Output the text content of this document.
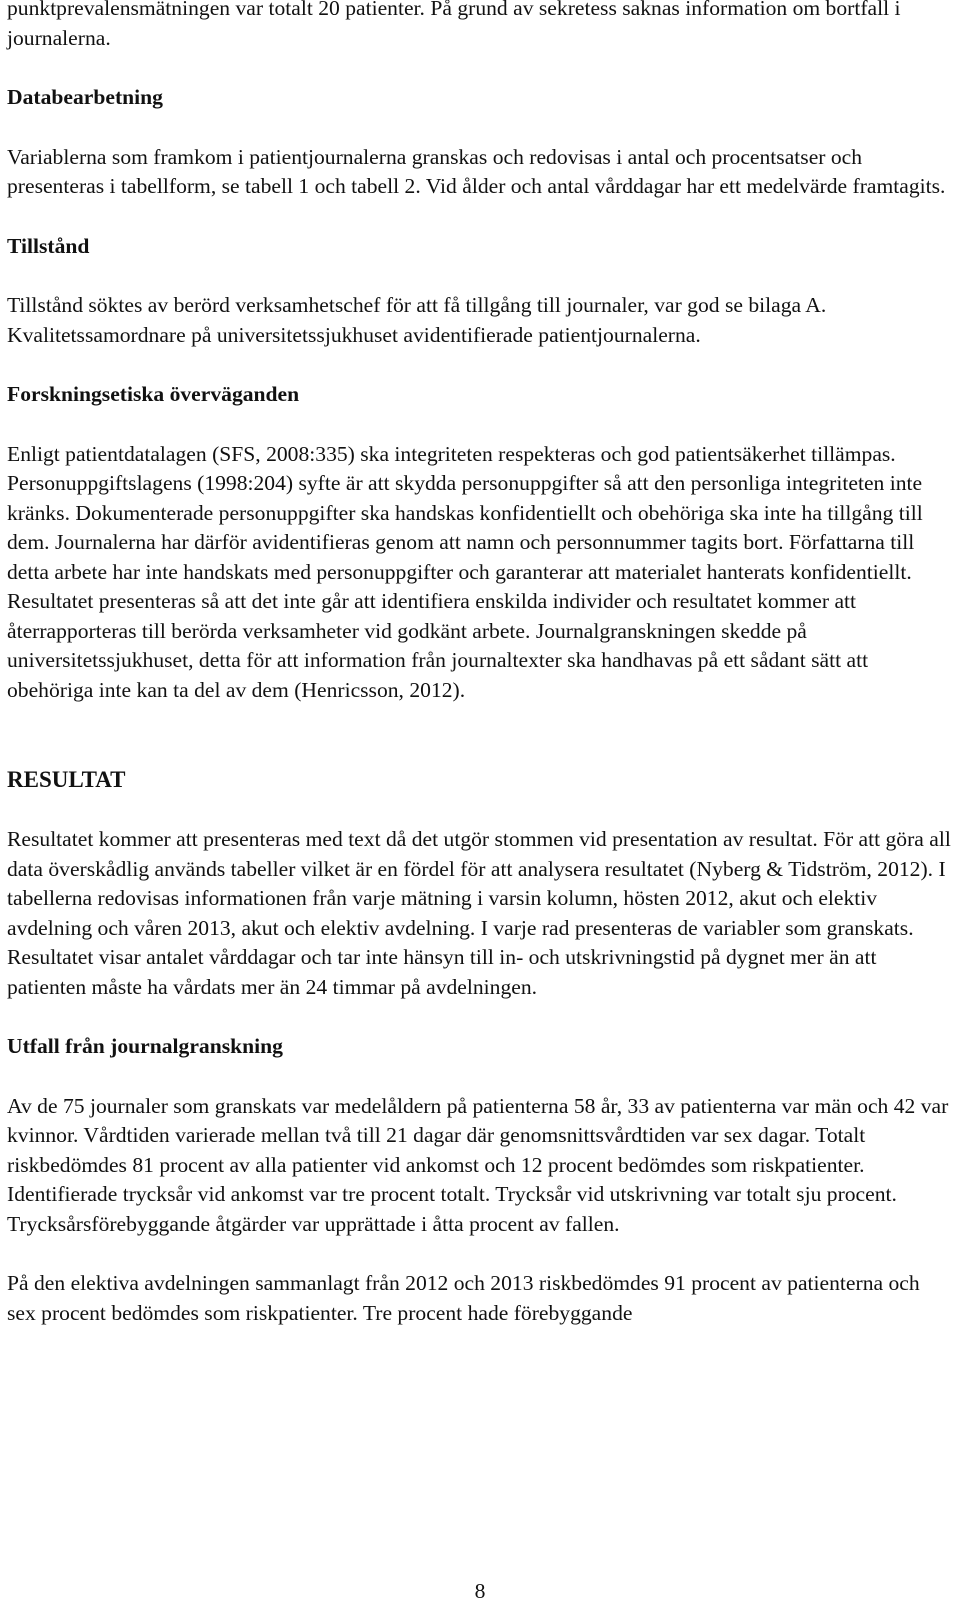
punktprevalensmätningen var totalt 20 patienter. På grund av sekretess saknas information om bortfall i journalerna.

Databearbetning

Variablerna som framkom i patientjournalerna granskas och redovisas i antal och procentsatser och presenteras i tabellform, se tabell 1 och tabell 2. Vid ålder och antal vårddagar har ett medelvärde framtagits.

Tillstånd

Tillstånd söktes av berörd verksamhetschef för att få tillgång till journaler, var god se bilaga A. Kvalitetssamordnare på universitetssjukhuset avidentifierade patientjournalerna.

Forskningsetiska överväganden

Enligt patientdatalagen (SFS, 2008:335) ska integriteten respekteras och god patientsäkerhet tillämpas. Personuppgiftslagens (1998:204) syfte är att skydda personuppgifter så att den personliga integriteten inte kränks. Dokumenterade personuppgifter ska handskas konfidentiellt och obehöriga ska inte ha tillgång till dem. Journalerna har därför avidentifieras genom att namn och personnummer tagits bort. Författarna till detta arbete har inte handskats med personuppgifter och garanterar att materialet hanterats konfidentiellt. Resultatet presenteras så att det inte går att identifiera enskilda individer och resultatet kommer att återrapporteras till berörda verksamheter vid godkänt arbete. Journalgranskningen skedde på universitetssjukhuset, detta för att information från journaltexter ska handhavas på ett sådant sätt att obehöriga inte kan ta del av dem (Henricsson, 2012).

RESULTAT

Resultatet kommer att presenteras med text då det utgör stommen vid presentation av resultat. För att göra all data överskådlig används tabeller vilket är en fördel för att analysera resultatet (Nyberg & Tidström, 2012). I tabellerna redovisas informationen från varje mätning i varsin kolumn, hösten 2012, akut och elektiv avdelning och våren 2013, akut och elektiv avdelning. I varje rad presenteras de variabler som granskats. Resultatet visar antalet vårddagar och tar inte hänsyn till in- och utskrivningstid på dygnet mer än att patienten måste ha vårdats mer än 24 timmar på avdelningen.

Utfall från journalgranskning

Av de 75 journaler som granskats var medelåldern på patienterna 58 år, 33 av patienterna var män och 42 var kvinnor. Vårdtiden varierade mellan två till 21 dagar där genomsnittsvårdtiden var sex dagar. Totalt riskbedömdes 81 procent av alla patienter vid ankomst och 12 procent bedömdes som riskpatienter. Identifierade trycksår vid ankomst var tre procent totalt. Trycksår vid utskrivning var totalt sju procent. Trycksårsförebyggande åtgärder var upprättade i åtta procent av fallen.

På den elektiva avdelningen sammanlagt från 2012 och 2013 riskbedömdes 91 procent av patienterna och sex procent bedömdes som riskpatienter. Tre procent hade förebyggande

8
